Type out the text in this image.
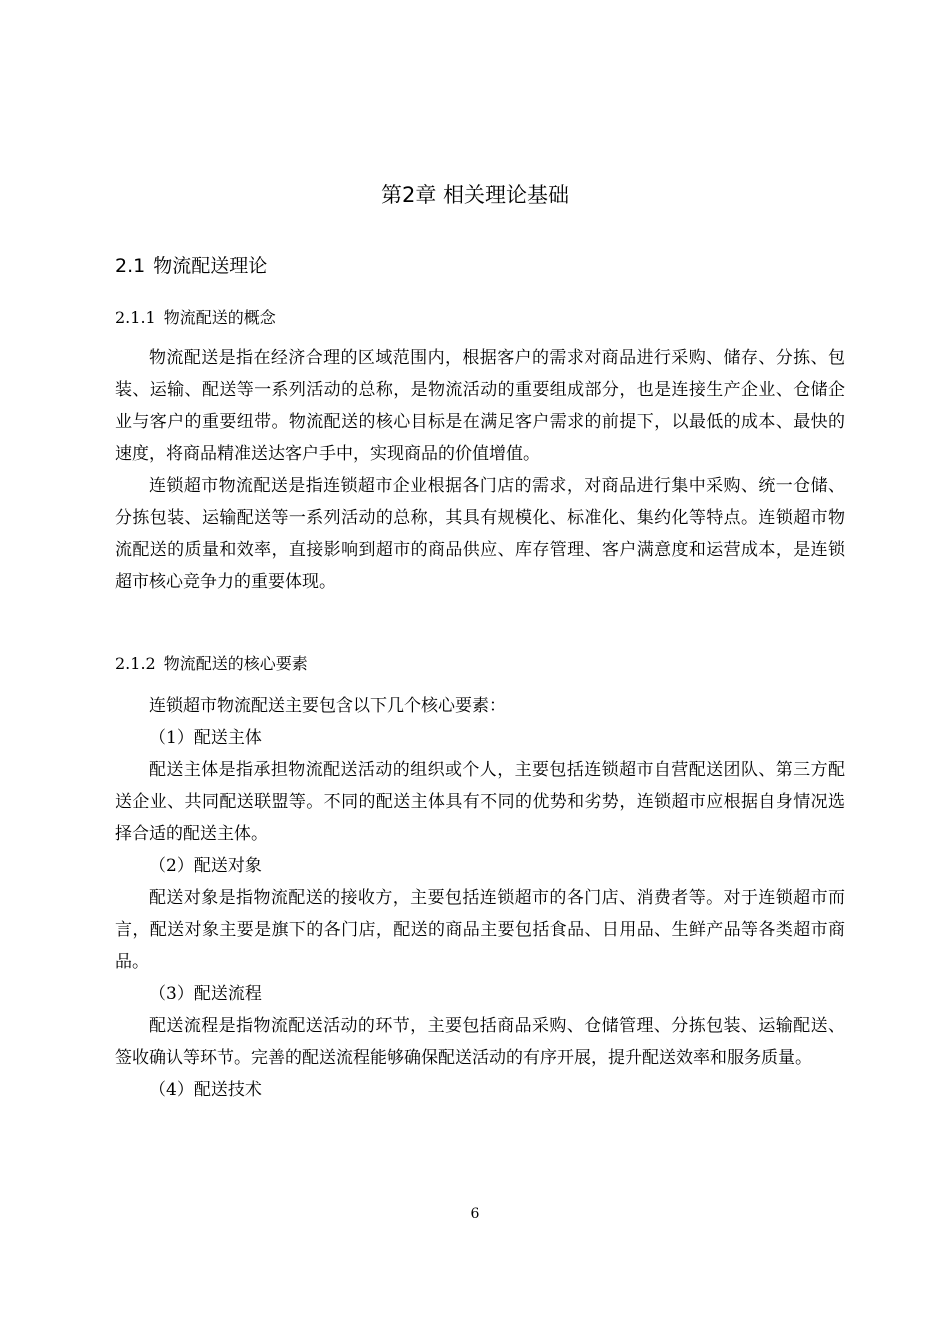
第2章 相关理论基础
2.1 物流配送理论
2.1.1 物流配送的概念

物流配送是指在经济合理的区域范围内，根据客户的需求对商品进行采购、储存、分拣、包装、运输、配送等一系列活动的总称，是物流活动的重要组成部分，也是连接生产企业、仓储企业与客户的重要纽带。物流配送的核心目标是在满足客户需求的前提下，以最低的成本、最快的速度，将商品精准送达客户手中，实现商品的价值增值。

连锁超市物流配送是指连锁超市企业根据各门店的需求，对商品进行集中采购、统一仓储、分拣包装、运输配送等一系列活动的总称，其具有规模化、标准化、集约化等特点。连锁超市物流配送的质量和效率，直接影响到超市的商品供应、库存管理、客户满意度和运营成本，是连锁超市核心竞争力的重要体现。

2.1.2 物流配送的核心要素

连锁超市物流配送主要包含以下几个核心要素：

（1）配送主体

配送主体是指承担物流配送活动的组织或个人，主要包括连锁超市自营配送团队、第三方配送企业、共同配送联盟等。不同的配送主体具有不同的优势和劣势，连锁超市应根据自身情况选择合适的配送主体。

（2）配送对象

配送对象是指物流配送的接收方，主要包括连锁超市的各门店、消费者等。对于连锁超市而言，配送对象主要是旗下的各门店，配送的商品主要包括食品、日用品、生鲜产品等各类超市商品。

（3）配送流程

配送流程是指物流配送活动的环节，主要包括商品采购、仓储管理、分拣包装、运输配送、签收确认等环节。完善的配送流程能够确保配送活动的有序开展，提升配送效率和服务质量。

（4）配送技术

6
